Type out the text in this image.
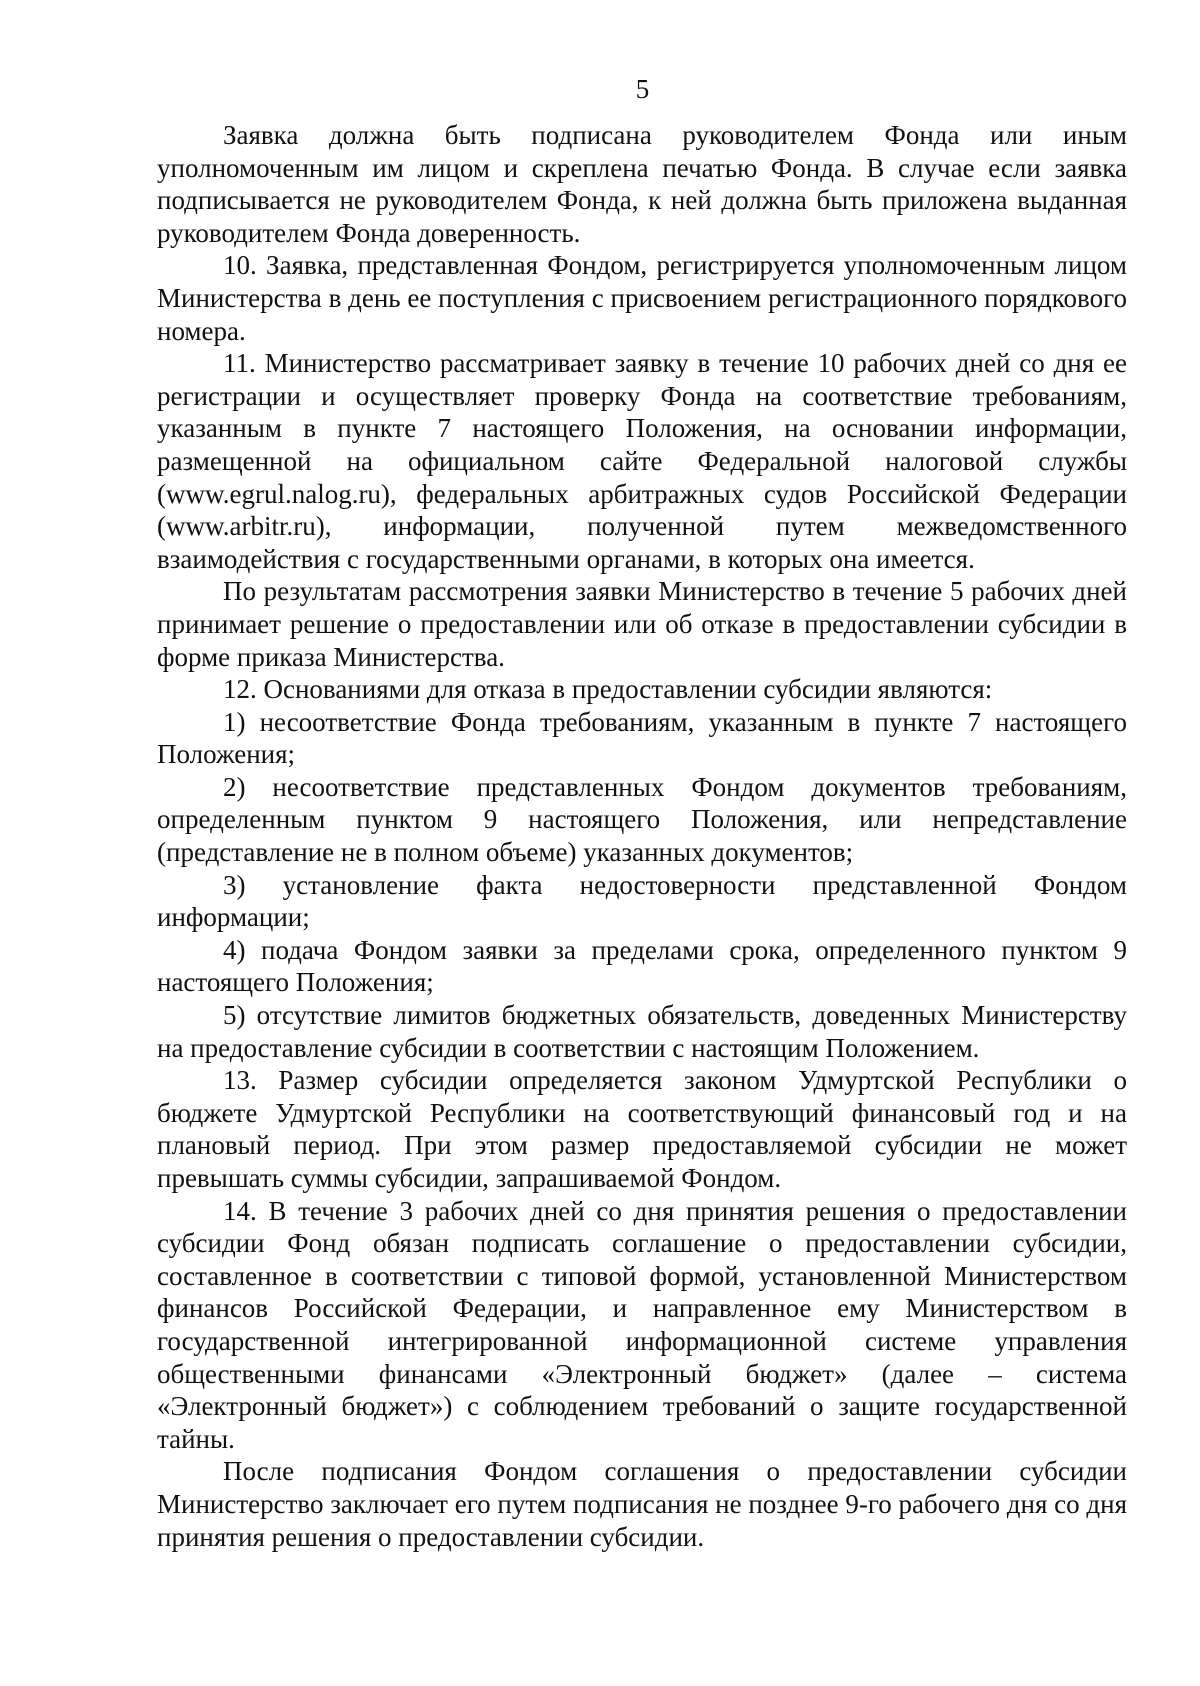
5

Заявка должна быть подписана руководителем Фонда или иным уполномоченным им лицом и скреплена печатью Фонда. В случае если заявка подписывается не руководителем Фонда, к ней должна быть приложена выданная руководителем Фонда доверенность.

10. Заявка, представленная Фондом, регистрируется уполномоченным лицом Министерства в день ее поступления с присвоением регистрационного порядкового номера.

11. Министерство рассматривает заявку в течение 10 рабочих дней со дня ее регистрации и осуществляет проверку Фонда на соответствие требованиям, указанным в пункте 7 настоящего Положения, на основании информации, размещенной на официальном сайте Федеральной налоговой службы (www.egrul.nalog.ru), федеральных арбитражных судов Российской Федерации (www.arbitr.ru), информации, полученной путем межведомственного взаимодействия с государственными органами, в которых она имеется.

По результатам рассмотрения заявки Министерство в течение 5 рабочих дней принимает решение о предоставлении или об отказе в предоставлении субсидии в форме приказа Министерства.

12. Основаниями для отказа в предоставлении субсидии являются:

1) несоответствие Фонда требованиям, указанным в пункте 7 настоящего Положения;

2) несоответствие представленных Фондом документов требованиям, определенным пунктом 9 настоящего Положения, или непредставление (представление не в полном объеме) указанных документов;

3) установление факта недостоверности представленной Фондом информации;

4) подача Фондом заявки за пределами срока, определенного пунктом 9 настоящего Положения;

5) отсутствие лимитов бюджетных обязательств, доведенных Министерству на предоставление субсидии в соответствии с настоящим Положением.

13. Размер субсидии определяется законом Удмуртской Республики о бюджете Удмуртской Республики на соответствующий финансовый год и на плановый период. При этом размер предоставляемой субсидии не может превышать суммы субсидии, запрашиваемой Фондом.

14. В течение 3 рабочих дней со дня принятия решения о предоставлении субсидии Фонд обязан подписать соглашение о предоставлении субсидии, составленное в соответствии с типовой формой, установленной Министерством финансов Российской Федерации, и направленное ему Министерством в государственной интегрированной информационной системе управления общественными финансами «Электронный бюджет» (далее – система «Электронный бюджет») с соблюдением требований о защите государственной тайны.

После подписания Фондом соглашения о предоставлении субсидии Министерство заключает его путем подписания не позднее 9-го рабочего дня со дня принятия решения о предоставлении субсидии.
